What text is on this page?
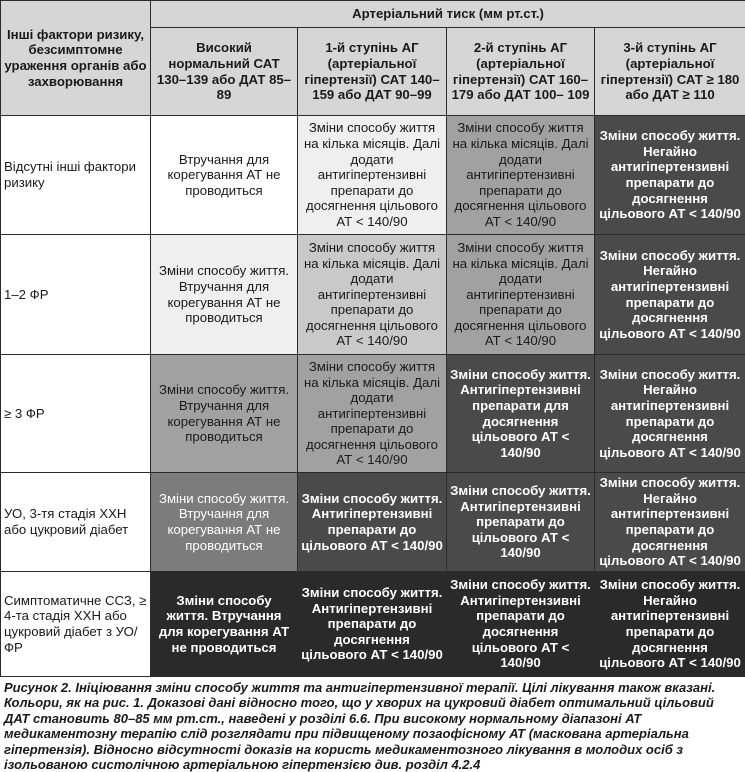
Інші фактори ризику, безсимптомне ураження органів або захворювання	Артеріальний тиск (мм рт.ст.)			
	Високий нормальний САТ 130–139 або ДАТ 85–89	1-й ступінь АГ (артеріальної гіпертензії) САТ 140–159 або ДАТ 90–99	2-й ступінь АГ (артеріальної гіпертензії) САТ 160–179 або ДАТ 100– 109	3-й ступінь АГ (артеріальної гіпертензії) САТ ≥ 180 або ДАТ ≥ 110
Відсутні інші фактори ризику	Втручання для корегування АТ не проводиться	Зміни способу життя на кілька місяців. Далі додати антигіпертензивні препарати до досягнення цільового АТ < 140/90	Зміни способу життя на кілька місяців. Далі додати антигіпертензивні препарати до досягнення цільового АТ < 140/90	Зміни способу життя. Негайно антигіпертензивні препарати до досягнення цільового АТ < 140/90
1–2 ФР	Зміни способу життя. Втручання для корегування АТ не проводиться	Зміни способу життя на кілька місяців. Далі додати антигіпертензивні препарати до досягнення цільового АТ < 140/90	Зміни способу життя на кілька місяців. Далі додати антигіпертензивні препарати до досягнення цільового АТ < 140/90	Зміни способу життя. Негайно антигіпертензивні препарати до досягнення цільового АТ < 140/90
≥ 3 ФР	Зміни способу життя. Втручання для корегування АТ не проводиться	Зміни способу життя на кілька місяців. Далі додати антигіпертензивні препарати до досягнення цільового АТ < 140/90	Зміни способу життя. Антигіпертензивні препарати для досягнення цільового АТ < 140/90	Зміни способу життя. Негайно антигіпертензивні препарати до досягнення цільового АТ < 140/90
УО, 3-тя стадія ХХН або цукровий діабет	Зміни способу життя. Втручання для корегування АТ не проводиться	Зміни способу життя. Антигіпертензивні препарати до цільового АТ < 140/90	Зміни способу життя. Антигіпертензивні препарати до цільового АТ < 140/90	Зміни способу життя. Негайно антигіпертензивні препарати до досягнення цільового АТ < 140/90
Симптоматичне ССЗ, ≥ 4-та стадія ХХН або цукровий діабет з УО/ФР	Зміни способу життя. Втручання для корегування АТ не проводиться	Зміни способу життя. Антигіпертензивні препарати до досягнення цільового АТ < 140/90	Зміни способу життя. Антигіпертензивні препарати до досягнення цільового АТ < 140/90	Зміни способу життя. Негайно антигіпертензивні препарати до досягнення цільового АТ < 140/90
Рисунок 2. Ініціювання зміни способу життя та антигіпертензивної терапії. Цілі лікування також вказані. Кольори, як на рис. 1. Доказові дані відносно того, що у хворих на цукровий діабет оптимальний цільовий ДАТ становить 80–85 мм рт.ст., наведені у розділі 6.6. При високому нормальному діапазоні АТ медикаментозну терапію слід розглядати при підвищеному позаофісному АТ (маскована артеріальна гіпертензія). Відносно відсутності доказів на користь медикаментозного лікування в молодих осіб з ізольованою систолічною артеріальною гіпертензією див. розділ 4.2.4
